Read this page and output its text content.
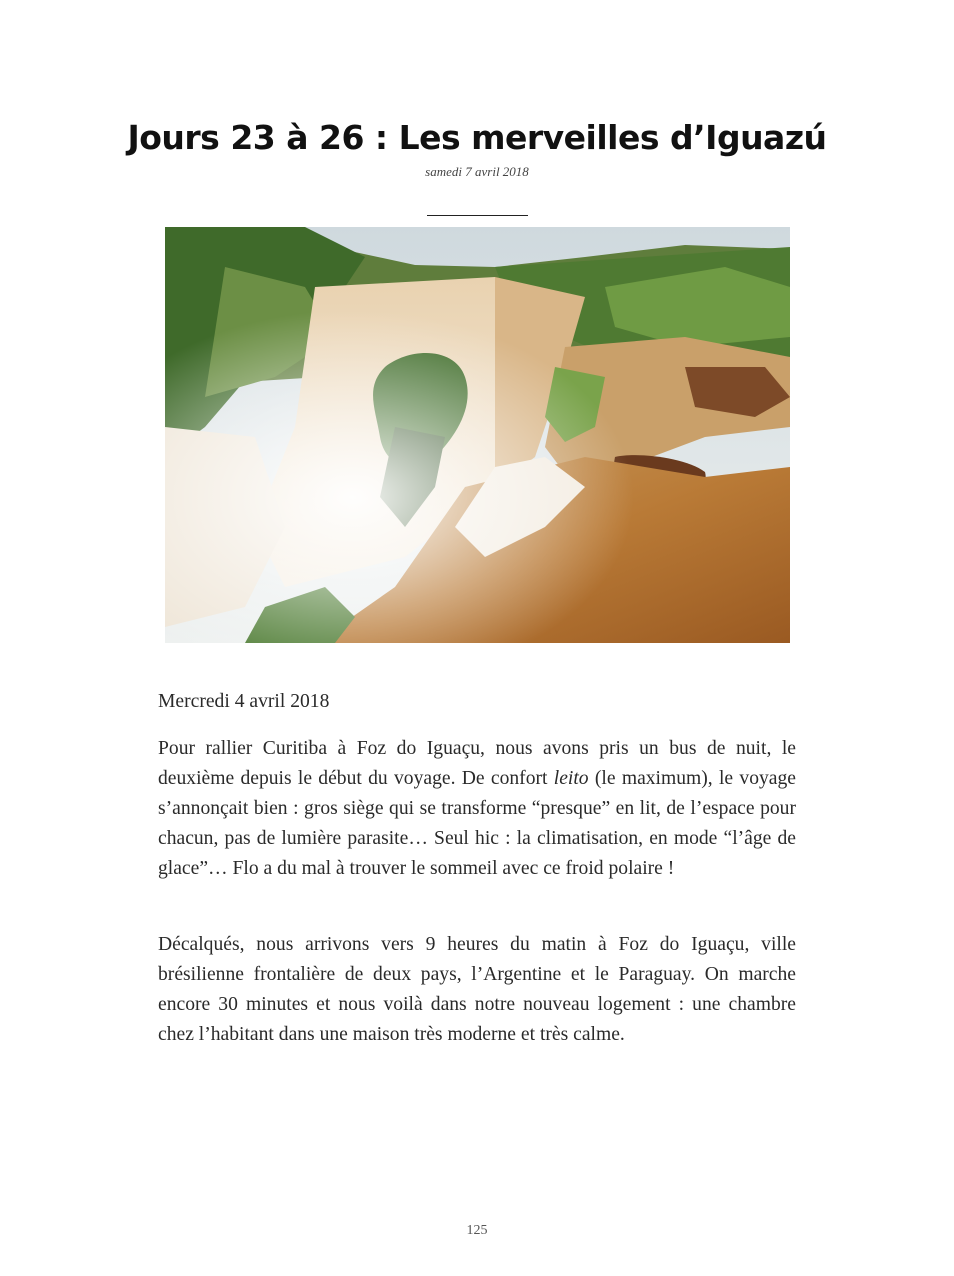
Jours 23 à 26 : Les merveilles d’Iguazú
samedi 7 avril 2018
Mercredi 4 avril 2018

Pour rallier Curitiba à Foz do Iguaçu, nous avons pris un bus de nuit, le deuxième depuis le début du voyage. De confort leito (le maximum), le voyage s’annonçait bien : gros siège qui se transforme “presque” en lit, de l’espace pour chacun, pas de lumière parasite… Seul hic : la climatisation, en mode “l’âge de glace”… Flo a du mal à trouver le sommeil avec ce froid polaire !

Décalqués, nous arrivons vers 9 heures du matin à Foz do Iguaçu, ville brésilienne frontalière de deux pays, l’Argentine et le Paraguay. On marche encore 30 minutes et nous voilà dans notre nouveau logement : une chambre chez l’habitant dans une maison très moderne et très calme.

125
